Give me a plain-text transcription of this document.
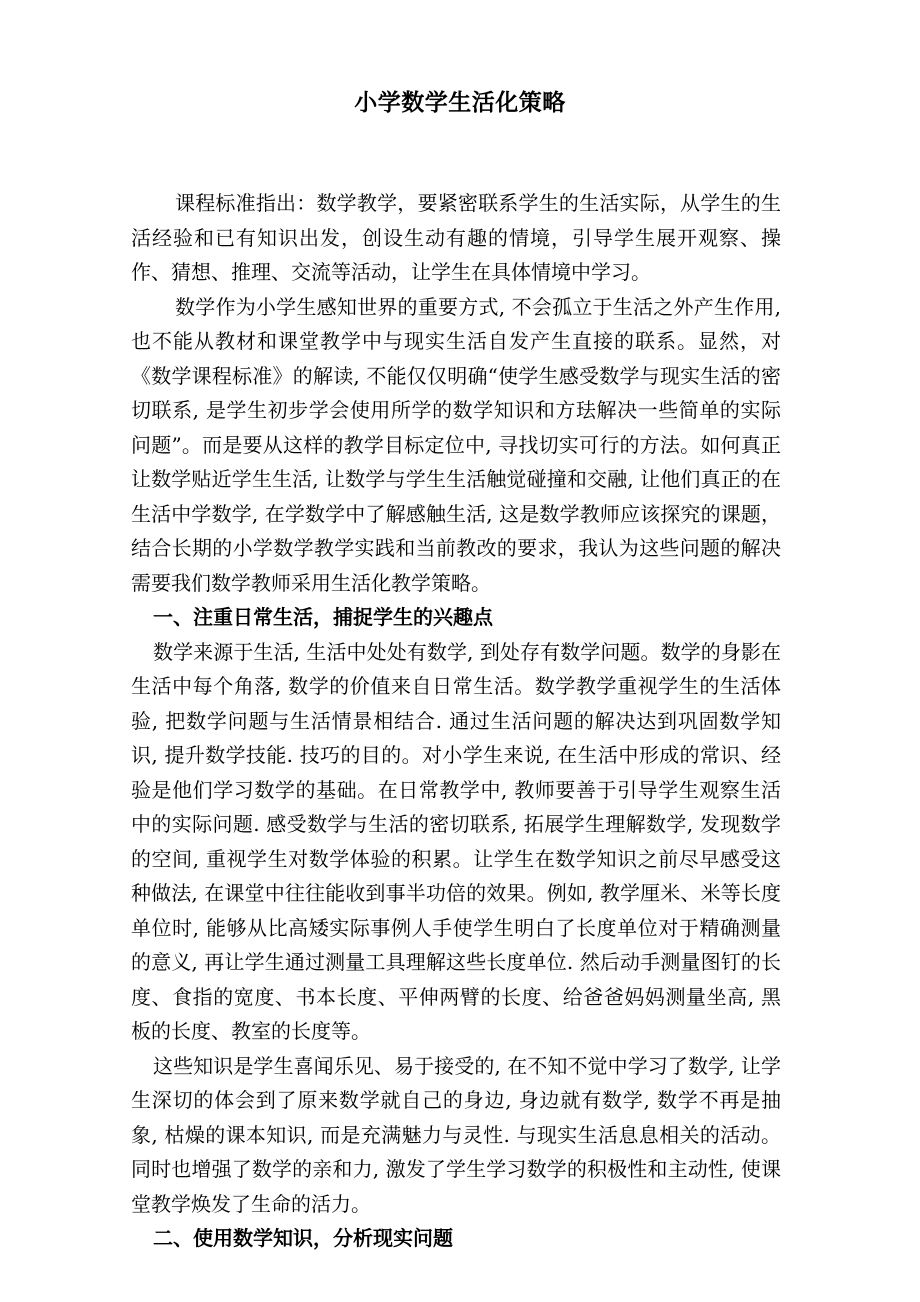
小学数学生活化策略

课程标准指出：数学教学，要紧密联系学生的生活实际，从学生的生活经验和已有知识出发，创设生动有趣的情境，引导学生展开观察、操作、猜想、推理、交流等活动，让学生在具体情境中学习。

数学作为小学生感知世界的重要方式, 不会孤立于生活之外产生作用, 也不能从教材和课堂教学中与现实生活自发产生直接的联系。显然，对《数学课程标准》的解读, 不能仅仅明确“使学生感受数学与现实生活的密切联系, 是学生初步学会使用所学的数学知识和方珐解决一些简单的实际问题”。而是要从这样的教学目标定位中, 寻找切实可行的方法。如何真正让数学贴近学生生活, 让数学与学生生活触觉碰撞和交融, 让他们真正的在生活中学数学, 在学数学中了解感触生活, 这是数学教师应该探究的课题，结合长期的小学数学教学实践和当前教改的要求，我认为这些问题的解决需要我们数学教师采用生活化教学策略。

一、注重日常生活，捕捉学生的兴趣点

数学来源于生活, 生活中处处有数学, 到处存有数学问题。数学的身影在生活中每个角落, 数学的价值来自日常生活。数学教学重视学生的生活体验, 把数学问题与生活情景相结合. 通过生活问题的解决达到巩固数学知识, 提升数学技能. 技巧的目的。对小学生来说, 在生活中形成的常识、经验是他们学习数学的基础。在日常教学中, 教师要善于引导学生观察生活中的实际问题. 感受数学与生活的密切联系, 拓展学生理解数学, 发现数学的空间, 重视学生对数学体验的积累。让学生在数学知识之前尽早感受这种做法, 在课堂中往往能收到事半功倍的效果。例如, 教学厘米、米等长度单位时, 能够从比高矮实际事例人手使学生明白了长度单位对于精确测量的意义, 再让学生通过测量工具理解这些长度单位. 然后动手测量图钉的长度、食指的宽度、书本长度、平伸两臂的长度、给爸爸妈妈测量坐高, 黑板的长度、教室的长度等。

这些知识是学生喜闻乐见、易于接受的, 在不知不觉中学习了数学, 让学生深切的体会到了原来数学就自己的身边, 身边就有数学, 数学不再是抽象, 枯燥的课本知识, 而是充满魅力与灵性. 与现实生活息息相关的活动。同时也增强了数学的亲和力, 激发了学生学习数学的积极性和主动性, 使课堂教学焕发了生命的活力。

二、使用数学知识，分析现实问题
